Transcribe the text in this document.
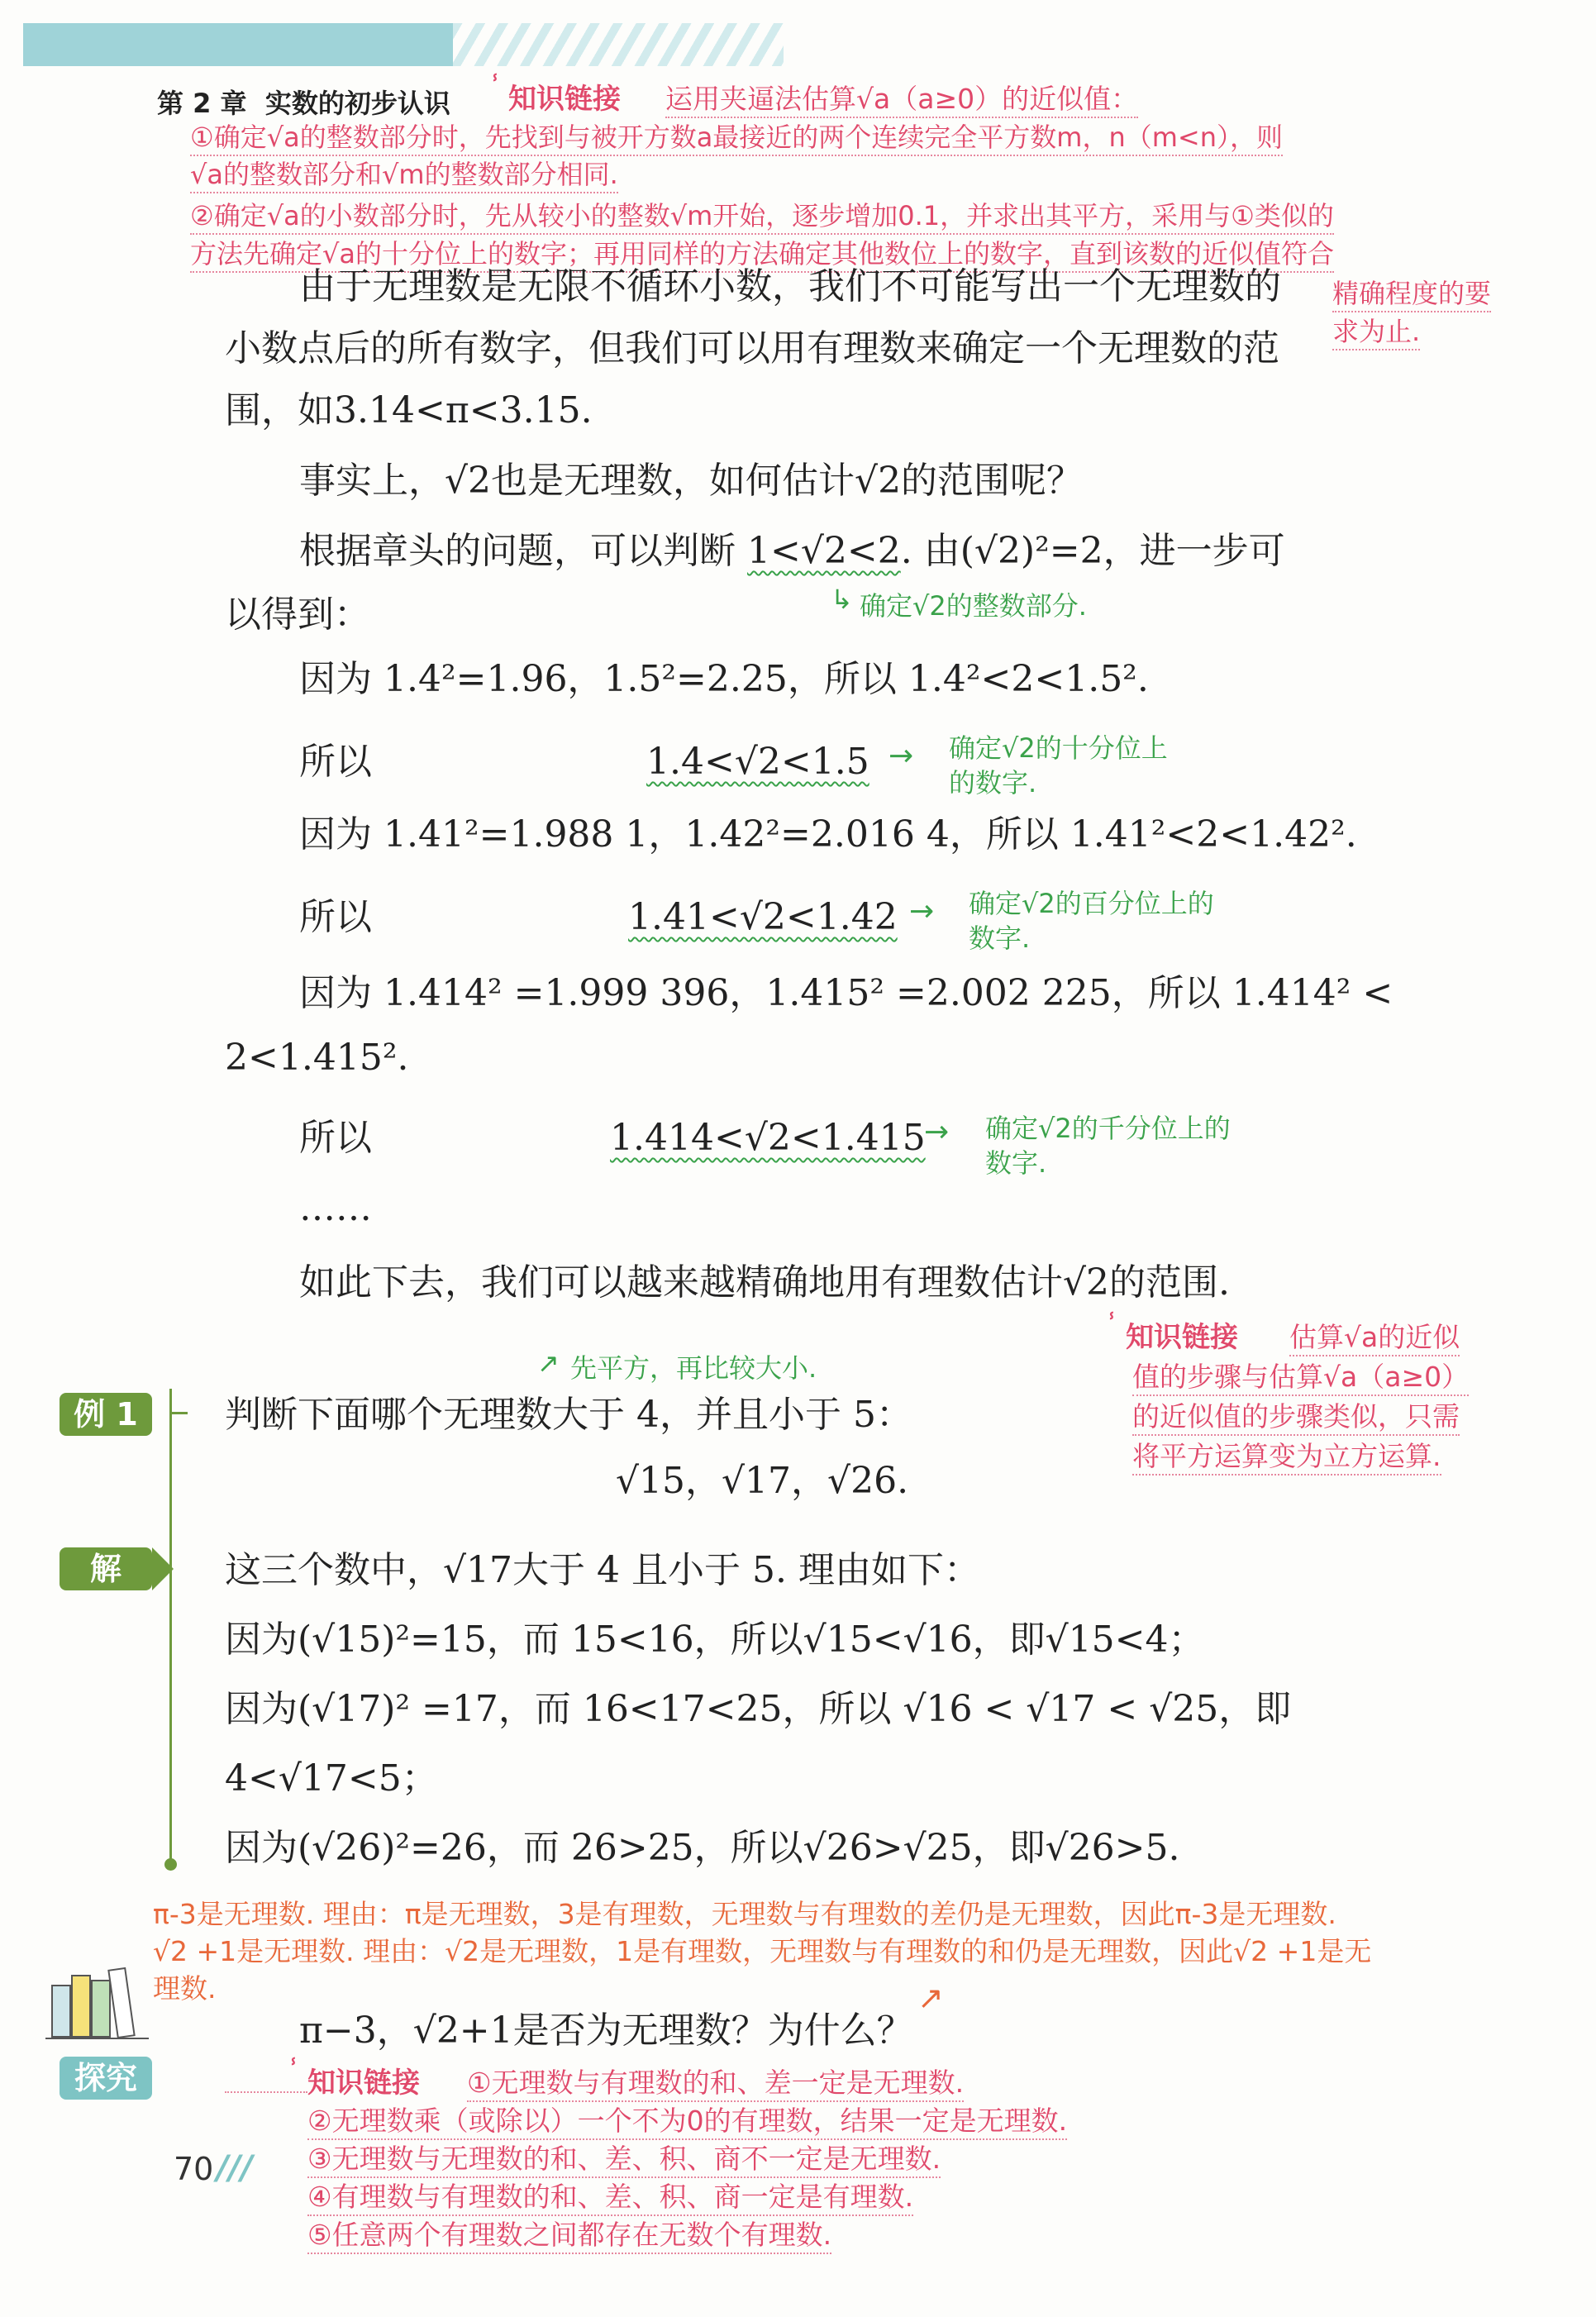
第 2 章 实数的初步认识
ⸯ 知识链接 运用夹逼法估算√a（a≥0）的近似值：
①确定√a的整数部分时，先找到与被开方数a最接近的两个连续完全平方数m，n（m<n），则
√a的整数部分和√m的整数部分相同.
②确定√a的小数部分时，先从较小的整数√m开始，逐步增加0.1，并求出其平方，采用与①类似的
方法先确定√a的十分位上的数字；再用同样的方法确定其他数位上的数字，直到该数的近似值符合
精确程度的要
求为止.
由于无理数是无限不循环小数，我们不可能写出一个无理数的
小数点后的所有数字，但我们可以用有理数来确定一个无理数的范
围，如3.14<π<3.15.
事实上，√2也是无理数，如何估计√2的范围呢？
根据章头的问题，可以判断 1<√2<2. 由(√2)²=2，进一步可
以得到：	↳ 确定√2的整数部分.
因为 1.4²=1.96，1.5²=2.25，所以 1.4²<2<1.5².
所以	1.4<√2<1.5 → 确定√2的十分位上
的数字.
因为 1.41²=1.988 1，1.42²=2.016 4，所以 1.41²<2<1.42².
所以	1.41<√2<1.42 → 确定√2的百分位上的
数字.
因为 1.414² =1.999 396，1.415² =2.002 225，所以 1.414² <
2<1.415².
所以	1.414<√2<1.415
→ 确定√2的千分位上的
数字.
……
如此下去，我们可以越来越精确地用有理数估计√2的范围.
ⸯ 知识链接 估算√a的近似
值的步骤与估算√a（a≥0）
的近似值的步骤类似，只需
将平方运算变为立方运算.
例 1
↗ 先平方，再比较大小.
判断下面哪个无理数大于 4，并且小于 5：
√15，√17，√26.
解	这三个数中，√17大于 4 且小于 5. 理由如下：
因为(√15)²=15，而 15<16，所以√15<√16，即√15<4；
因为(√17)² =17，而 16<17<25，所以 √16 < √17 < √25，即
4<√17<5；
因为(√26)²=26，而 26>25，所以√26>√25，即√26>5.
π-3是无理数. 理由：π是无理数，3是有理数，无理数与有理数的差仍是无理数，因此π-3是无理数.
√2 +1是无理数. 理由：√2是无理数，1是有理数，无理数与有理数的和仍是无理数，因此√2 +1是无
理数.
探究
π−3，√2+1是否为无理数？为什么？
↗
ⸯ 知识链接 ①无理数与有理数的和、差一定是无理数.
②无理数乘（或除以）一个不为0的有理数，结果一定是无理数.
③无理数与无理数的和、差、积、商不一定是无理数.
④有理数与有理数的和、差、积、商一定是有理数.
⑤任意两个有理数之间都存在无数个有理数.
70 ///
